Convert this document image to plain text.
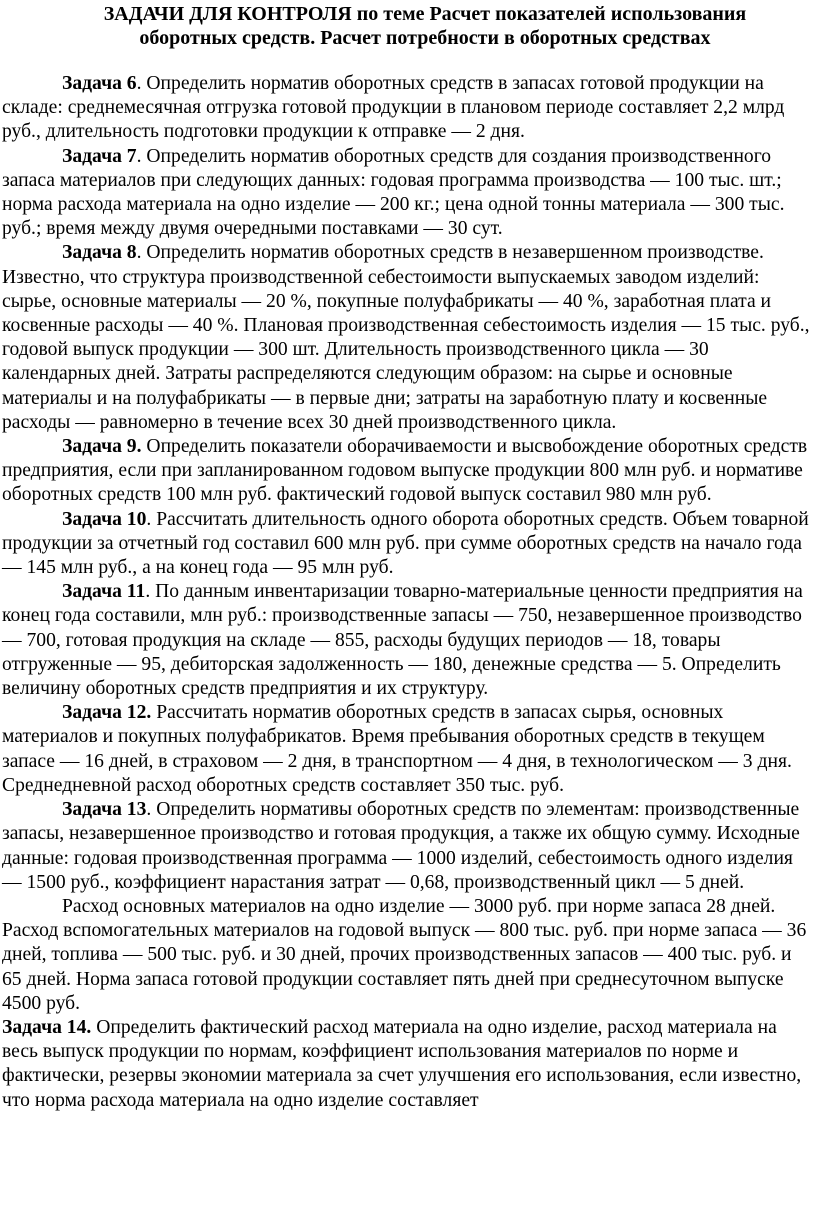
ЗАДАЧИ ДЛЯ КОНТРОЛЯ по теме Расчет показателей использования
оборотных средств. Расчет потребности в оборотных средствах

Задача 6. Определить норматив оборотных средств в запасах готовой продукции на складе: среднемесячная отгрузка готовой продукции в плановом периоде составляет 2,2 млрд руб., длительность подготовки продукции к отправке — 2 дня.

Задача 7. Определить норматив оборотных средств для создания производственного запаса материалов при следующих данных: годовая программа производства — 100 тыс. шт.; норма расхода материала на одно изделие — 200 кг.; цена одной тонны материала — 300 тыс. руб.; время между двумя очередными поставками — 30 сут.

Задача 8. Определить норматив оборотных средств в незавершенном производстве. Известно, что структура производственной себестоимости выпускаемых заводом изделий: сырье, основные материалы — 20 %, покупные полуфабрикаты — 40 %, заработная плата и косвенные расходы — 40 %. Плановая производственная себестоимость изделия — 15 тыс. руб., годовой выпуск продукции — 300 шт. Длительность производственного цикла — 30 календарных дней. Затраты распределяются следующим образом: на сырье и основные материалы и на полуфабрикаты — в первые дни; затраты на заработную плату и косвенные расходы — равномерно в течение всех 30 дней производственного цикла.

Задача 9. Определить показатели оборачиваемости и высвобождение оборотных средств предприятия, если при запланированном годовом выпуске продукции 800 млн руб. и нормативе оборотных средств 100 млн руб. фактический годовой выпуск составил 980 млн руб.

Задача 10. Рассчитать длительность одного оборота оборотных средств. Объем товарной продукции за отчетный год составил 600 млн руб. при сумме оборотных средств на начало года — 145 млн руб., а на конец года — 95 млн руб.

Задача 11. По данным инвентаризации товарно-материальные ценности предприятия на конец года составили, млн руб.: производственные запасы — 750, незавершенное производство — 700, готовая продукция на складе — 855, расходы будущих периодов — 18, товары отгруженные — 95, дебиторская задолженность — 180, денежные средства — 5. Определить величину оборотных средств предприятия и их структуру.

Задача 12. Рассчитать норматив оборотных средств в запасах сырья, основных материалов и покупных полуфабрикатов. Время пребывания оборотных средств в текущем запасе — 16 дней, в страховом — 2 дня, в транспортном — 4 дня, в технологическом — 3 дня. Среднедневной расход оборотных средств составляет 350 тыс. руб.

Задача 13. Определить нормативы оборотных средств по элементам: производственные запасы, незавершенное производство и готовая продукция, а также их общую сумму. Исходные данные: годовая производственная программа — 1000 изделий, себестоимость одного изделия — 1500 руб., коэффициент нарастания затрат — 0,68, производственный цикл — 5 дней.

Расход основных материалов на одно изделие — 3000 руб. при норме запаса 28 дней. Расход вспомогательных материалов на годовой выпуск — 800 тыс. руб. при норме запаса — 36 дней, топлива — 500 тыс. руб. и 30 дней, прочих производственных запасов — 400 тыс. руб. и 65 дней. Норма запаса готовой продукции составляет пять дней при среднесуточном выпуске 4500 руб.

Задача 14. Определить фактический расход материала на одно изделие, расход материала на весь выпуск продукции по нормам, коэффициент использования материалов по норме и фактически, резервы экономии материала за счет улучшения его использования, если известно, что норма расхода материала на одно изделие составляет
